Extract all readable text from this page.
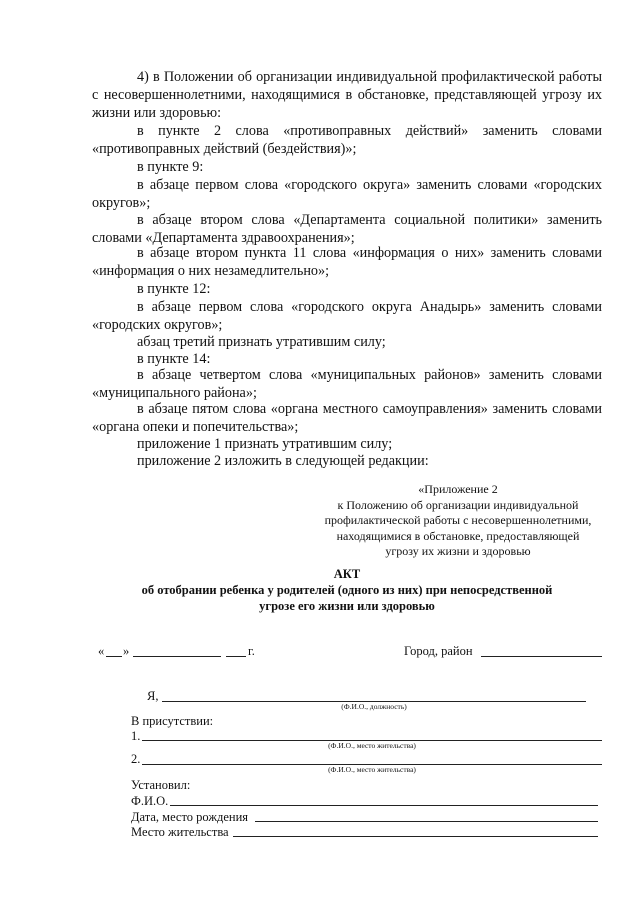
4) в Положении об организации индивидуальной профилактической работы с несовершеннолетними, находящимися в обстановке, представляющей угрозу их жизни или здоровью:
в пункте 2 слова «противоправных действий» заменить словами «противоправных действий (бездействия)»;
в пункте 9:
в абзаце первом слова «городского округа» заменить словами «городских округов»;
в абзаце втором слова «Департамента социальной политики» заменить словами «Департамента здравоохранения»;
в абзаце втором пункта 11 слова «информация о них» заменить словами «информация о них незамедлительно»;
в пункте 12:
в абзаце первом слова «городского округа Анадырь» заменить словами «городских округов»;
абзац третий признать утратившим силу;
в пункте 14:
в абзаце четвертом слова «муниципальных районов» заменить словами «муниципального района»;
в абзаце пятом слова «органа местного самоуправления» заменить словами «органа опеки и попечительства»;
приложение 1 признать утратившим силу;
приложение 2 изложить в следующей редакции:
«Приложение 2
к Положению об организации индивидуальной
профилактической работы с несовершеннолетними,
находящимися в обстановке, предоставляющей
угрозу их жизни и здоровью
АКТ
об отобрании ребенка у родителей (одного из них) при непосредственной
угрозе его жизни или здоровью
« »	г.	Город, район
Я,
(Ф.И.О., должность)
В присутствии:
1.
(Ф.И.О., место жительства)
2.
(Ф.И.О., место жительства)
Установил:
Ф.И.О.
Дата, место рождения
Место жительства
